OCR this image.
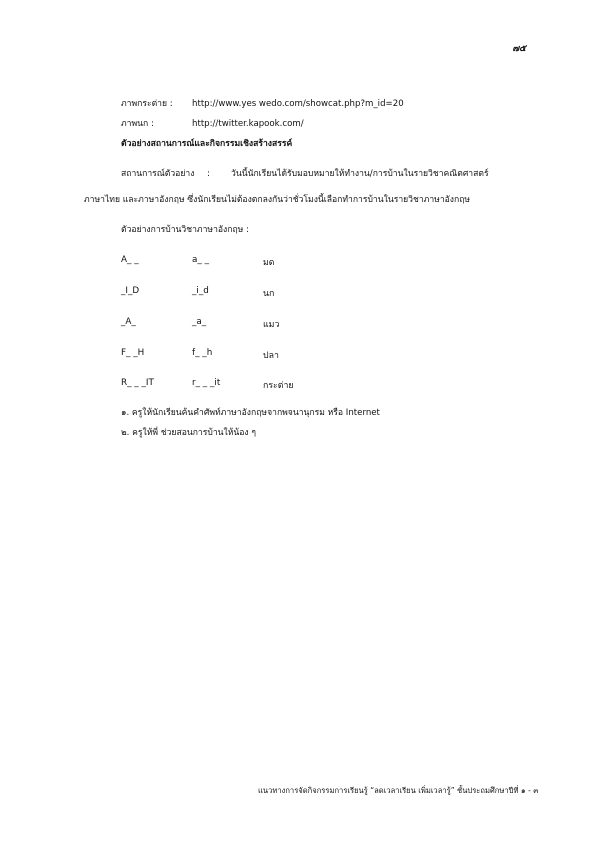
๗๕
ภาพกระต่าย : http://www.yes wedo.com/showcat.php?m_id=20
ภาพนก :	http://twitter.kapook.com/
ตัวอย่างสถานการณ์และกิจกรรมเชิงสร้างสรรค์
สถานการณ์ตัวอย่าง : วันนี้นักเรียนได้รับมอบหมายให้ทำงาน/การบ้านในรายวิชาคณิตศาสตร์
ภาษาไทย และภาษาอังกฤษ ซึ่งนักเรียนไม่ต้องตกลงกันว่าชั่วโมงนี้เลือกทำการบ้านในรายวิชาภาษาอังกฤษ
ตัวอย่างการบ้านวิชาภาษาอังกฤษ :
A_ _	a_ _	มด
_I_D	_i_d	นก
_A_	_a_	แมว
F_ _H	f_ _h	ปลา
R_ _ _IT	r_ _ _it	กระต่าย
๑. ครูให้นักเรียนค้นคำศัพท์ภาษาอังกฤษจากพจนานุกรม หรือ Internet
๒. ครูให้พี่ ช่วยสอนการบ้านให้น้อง ๆ
แนวทางการจัดกิจกรรมการเรียนรู้ “ลดเวลาเรียน เพิ่มเวลารู้” ชั้นประถมศึกษาปีที่ ๑ - ๓
